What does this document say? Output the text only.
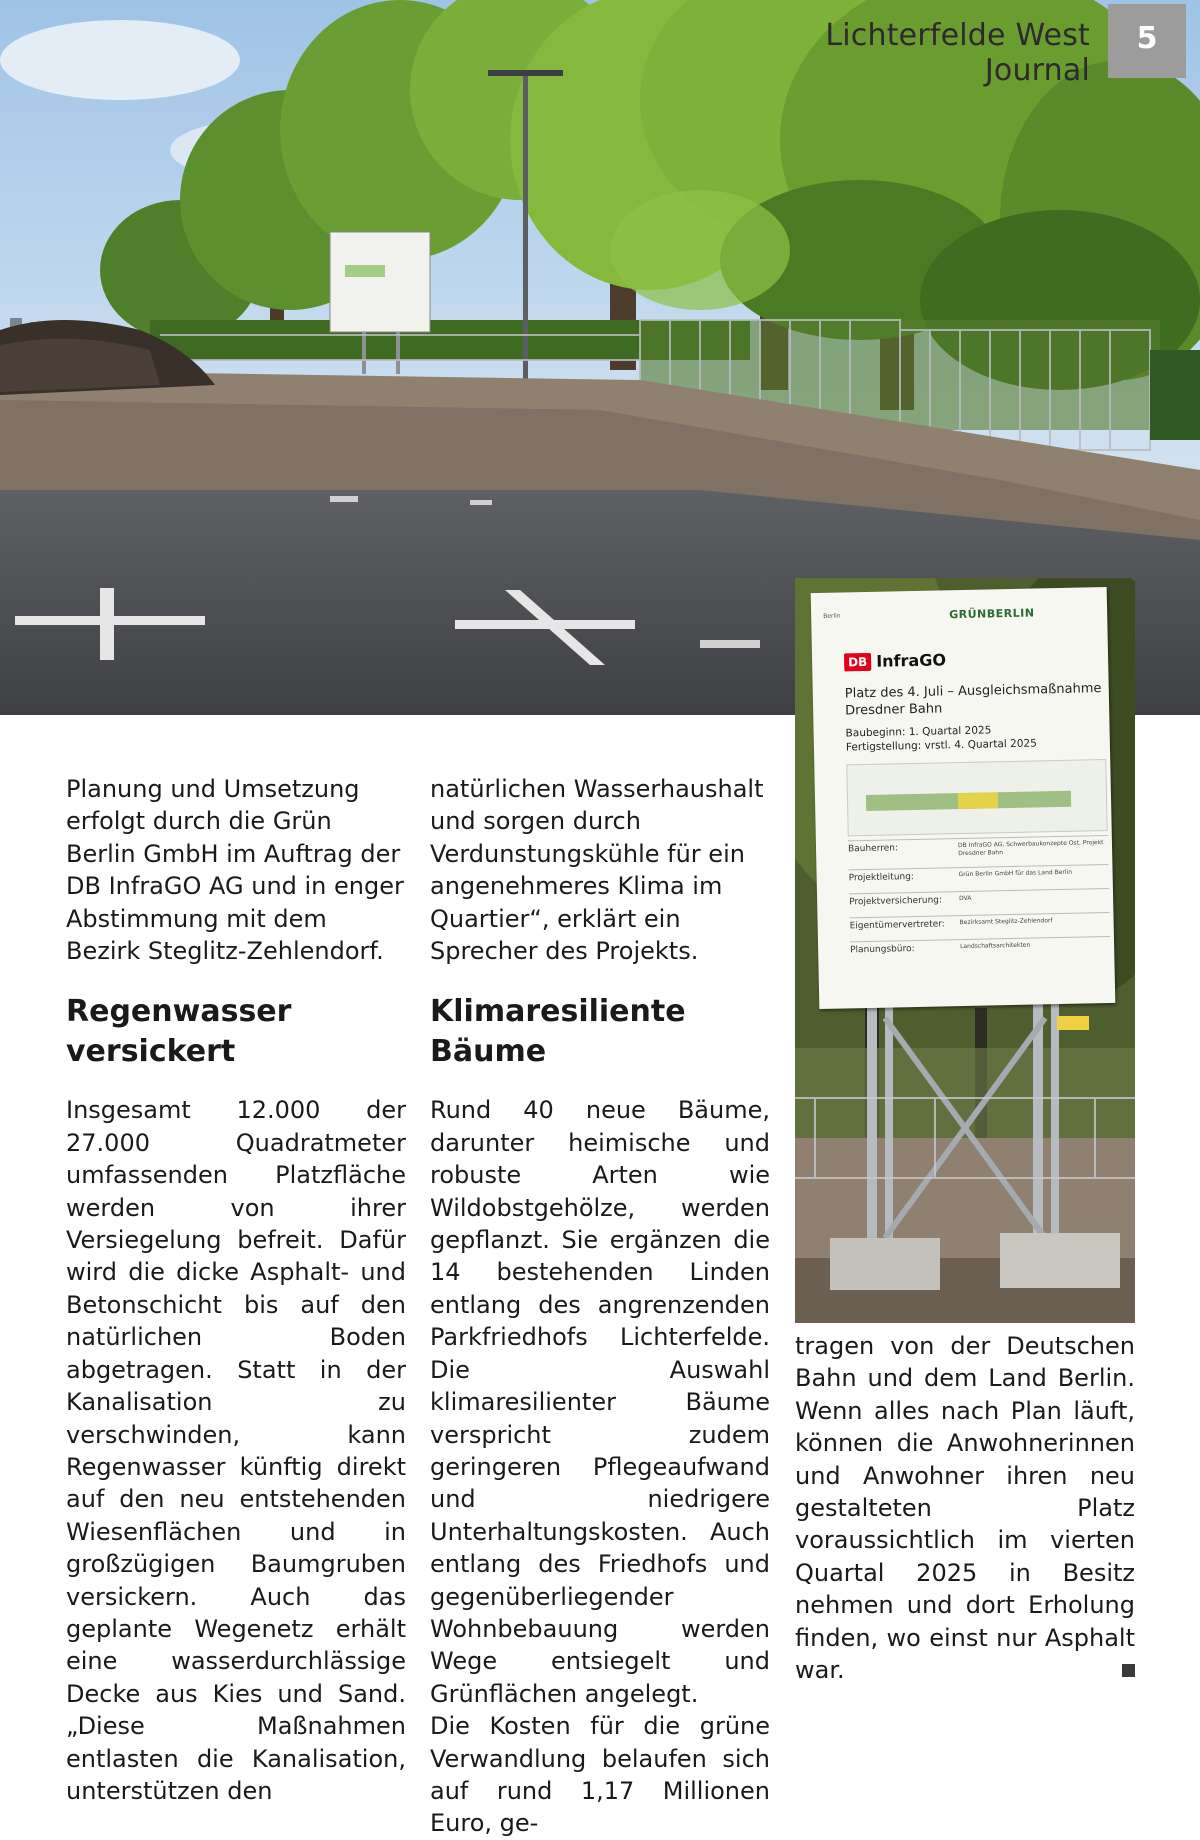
Lichterfelde West Journal
5
Berlin	GRÜNBERLIN
DB InfraGO
Platz des 4. Juli – Ausgleichsmaßnahme Dresdner Bahn
Baubeginn: 1. Quartal 2025
Fertigstellung: vrstl. 4. Quartal 2025
Bauherren:	DB InfraGO AG, Schwerbaukonzepte Ost, Projekt Dresdner Bahn
Projektleitung:	Grün Berlin GmbH für das Land Berlin
Projektversicherung:	DVA
Eigentümervertreter: Bezirksamt Steglitz-Zehlendorf
Planungsbüro:	Landschaftsarchitekten

Planung und Umsetzung erfolgt durch die Grün Berlin GmbH im Auftrag der DB InfraGO AG und in enger Abstimmung mit dem Bezirk Steglitz-Zehlendorf.

Regenwasser
versickert

Insgesamt 12.000 der 27.000 Quadratmeter umfassenden Platzfläche werden von ihrer Versiegelung befreit. Dafür wird die dicke Asphalt- und Betonschicht bis auf den natürlichen Boden abgetragen. Statt in der Kanalisation zu verschwinden, kann Regenwasser künftig direkt auf den neu entstehenden Wiesenflächen und in großzügigen Baumgruben versickern. Auch das geplante Wegenetz erhält eine wasserdurchlässige Decke aus Kies und Sand. „Diese Maßnahmen entlasten die Kanalisation, unterstützen den

natürlichen Wasserhaushalt und sorgen durch Verdunstungskühle für ein angenehmeres Klima im Quartier“, erklärt ein Sprecher des Projekts.

Klimaresiliente Bäume

Rund 40 neue Bäume, darunter heimische und robuste Arten wie Wildobstgehölze, werden gepflanzt. Sie ergänzen die 14 bestehenden Linden entlang des angrenzenden Parkfriedhofs Lichterfelde. Die Auswahl klimaresilienter Bäume verspricht zudem geringeren Pflegeaufwand und niedrigere Unterhaltungskosten. Auch entlang des Friedhofs und gegenüberliegender Wohnbebauung werden Wege entsiegelt und Grünflächen angelegt.

Die Kosten für die grüne Verwandlung belaufen sich auf rund 1,17 Millionen Euro, ge-

tragen von der Deutschen Bahn und dem Land Berlin. Wenn alles nach Plan läuft, können die Anwohnerinnen und Anwohner ihren neu gestalteten Platz voraussichtlich im vierten Quartal 2025 in Besitz nehmen und dort Erholung finden, wo einst nur Asphalt war.
